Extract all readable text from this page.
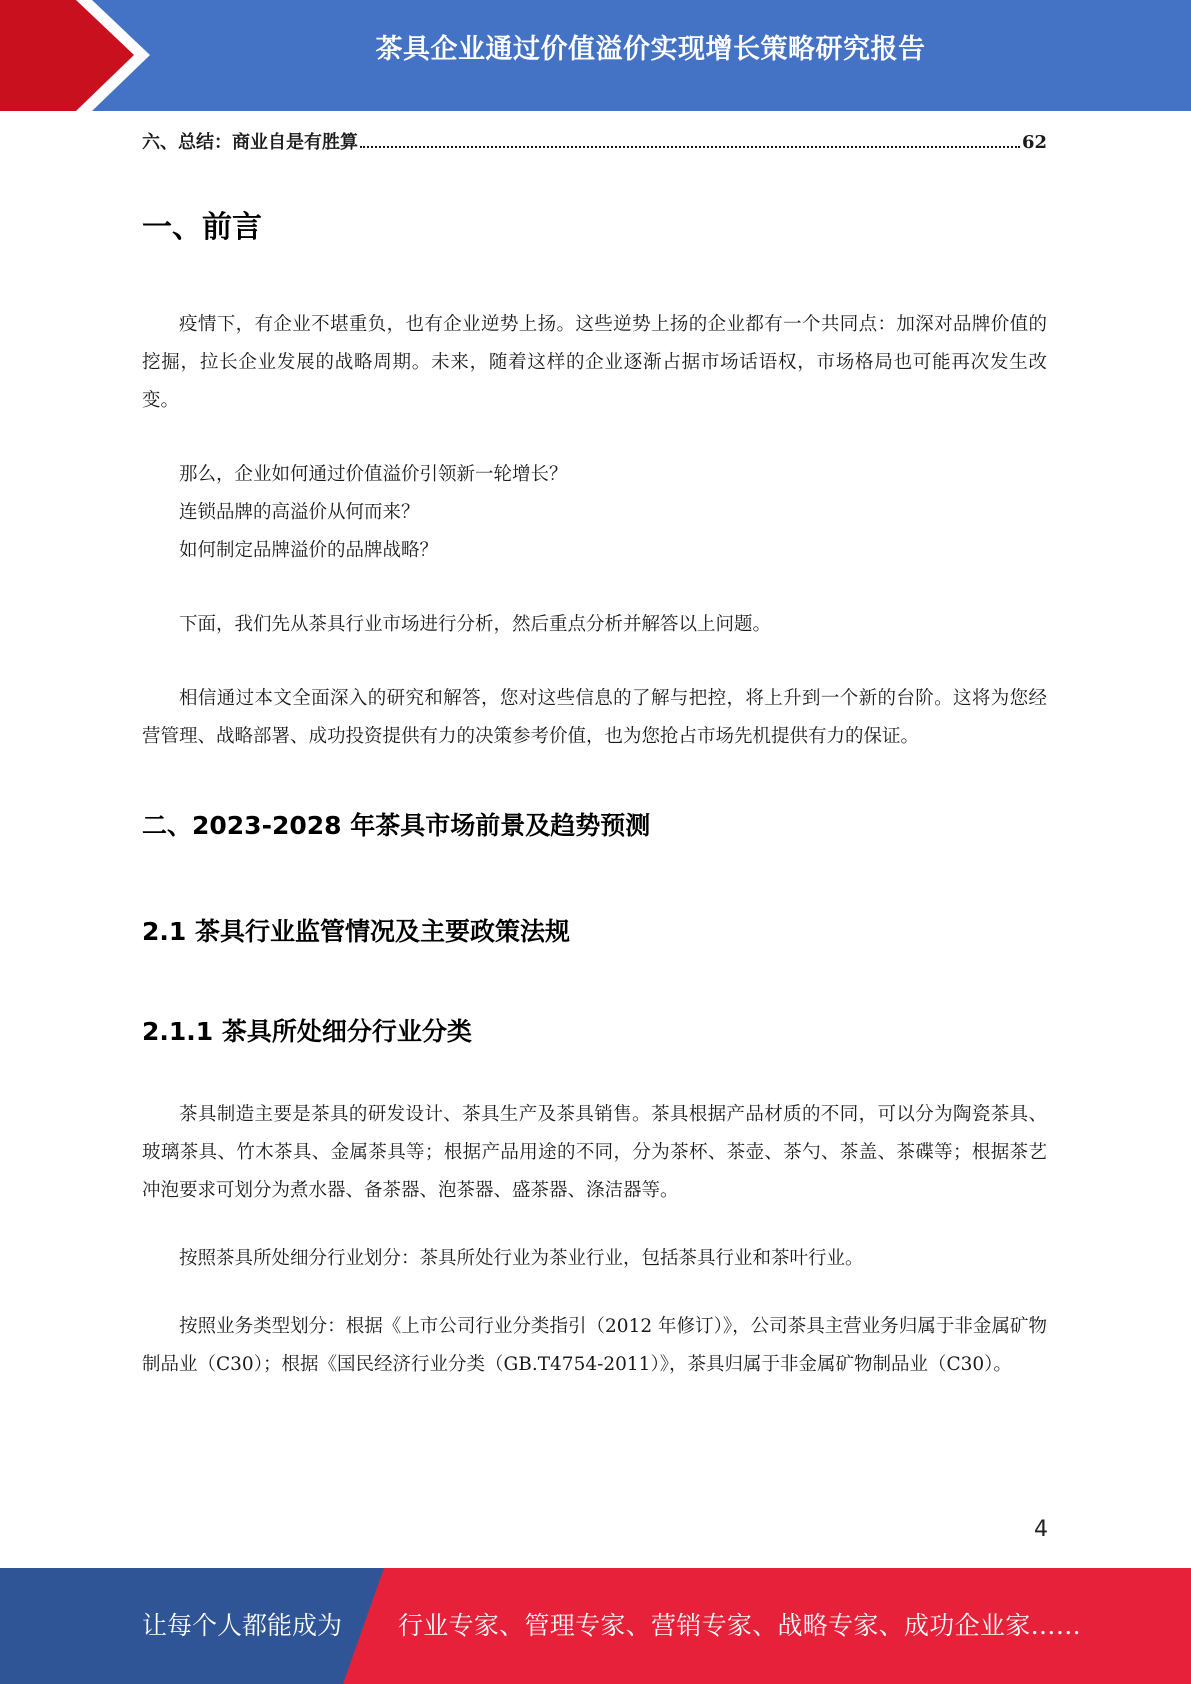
茶具企业通过价值溢价实现增长策略研究报告
六、总结：商业自是有胜算	62
一、前言

疫情下，有企业不堪重负，也有企业逆势上扬。这些逆势上扬的企业都有一个共同点：加深对品牌价值的挖掘，拉长企业发展的战略周期。未来，随着这样的企业逐渐占据市场话语权，市场格局也可能再次发生改变。

那么，企业如何通过价值溢价引领新一轮增长？

连锁品牌的高溢价从何而来？

如何制定品牌溢价的品牌战略？

下面，我们先从茶具行业市场进行分析，然后重点分析并解答以上问题。

相信通过本文全面深入的研究和解答，您对这些信息的了解与把控，将上升到一个新的台阶。这将为您经营管理、战略部署、成功投资提供有力的决策参考价值，也为您抢占市场先机提供有力的保证。

二、2023-2028 年茶具市场前景及趋势预测
2.1 茶具行业监管情况及主要政策法规
2.1.1 茶具所处细分行业分类

茶具制造主要是茶具的研发设计、茶具生产及茶具销售。茶具根据产品材质的不同，可以分为陶瓷茶具、玻璃茶具、竹木茶具、金属茶具等；根据产品用途的不同，分为茶杯、茶壶、茶勺、茶盖、茶碟等；根据茶艺冲泡要求可划分为煮水器、备茶器、泡茶器、盛茶器、涤洁器等。

按照茶具所处细分行业划分：茶具所处行业为茶业行业，包括茶具行业和茶叶行业。

按照业务类型划分：根据《上市公司行业分类指引（2012 年修订）》，公司茶具主营业务归属于非金属矿物制品业（C30）；根据《国民经济行业分类（GB.T4754-2011）》，茶具归属于非金属矿物制品业（C30）。

4
让每个人都能成为 行业专家、管理专家、营销专家、战略专家、成功企业家……
